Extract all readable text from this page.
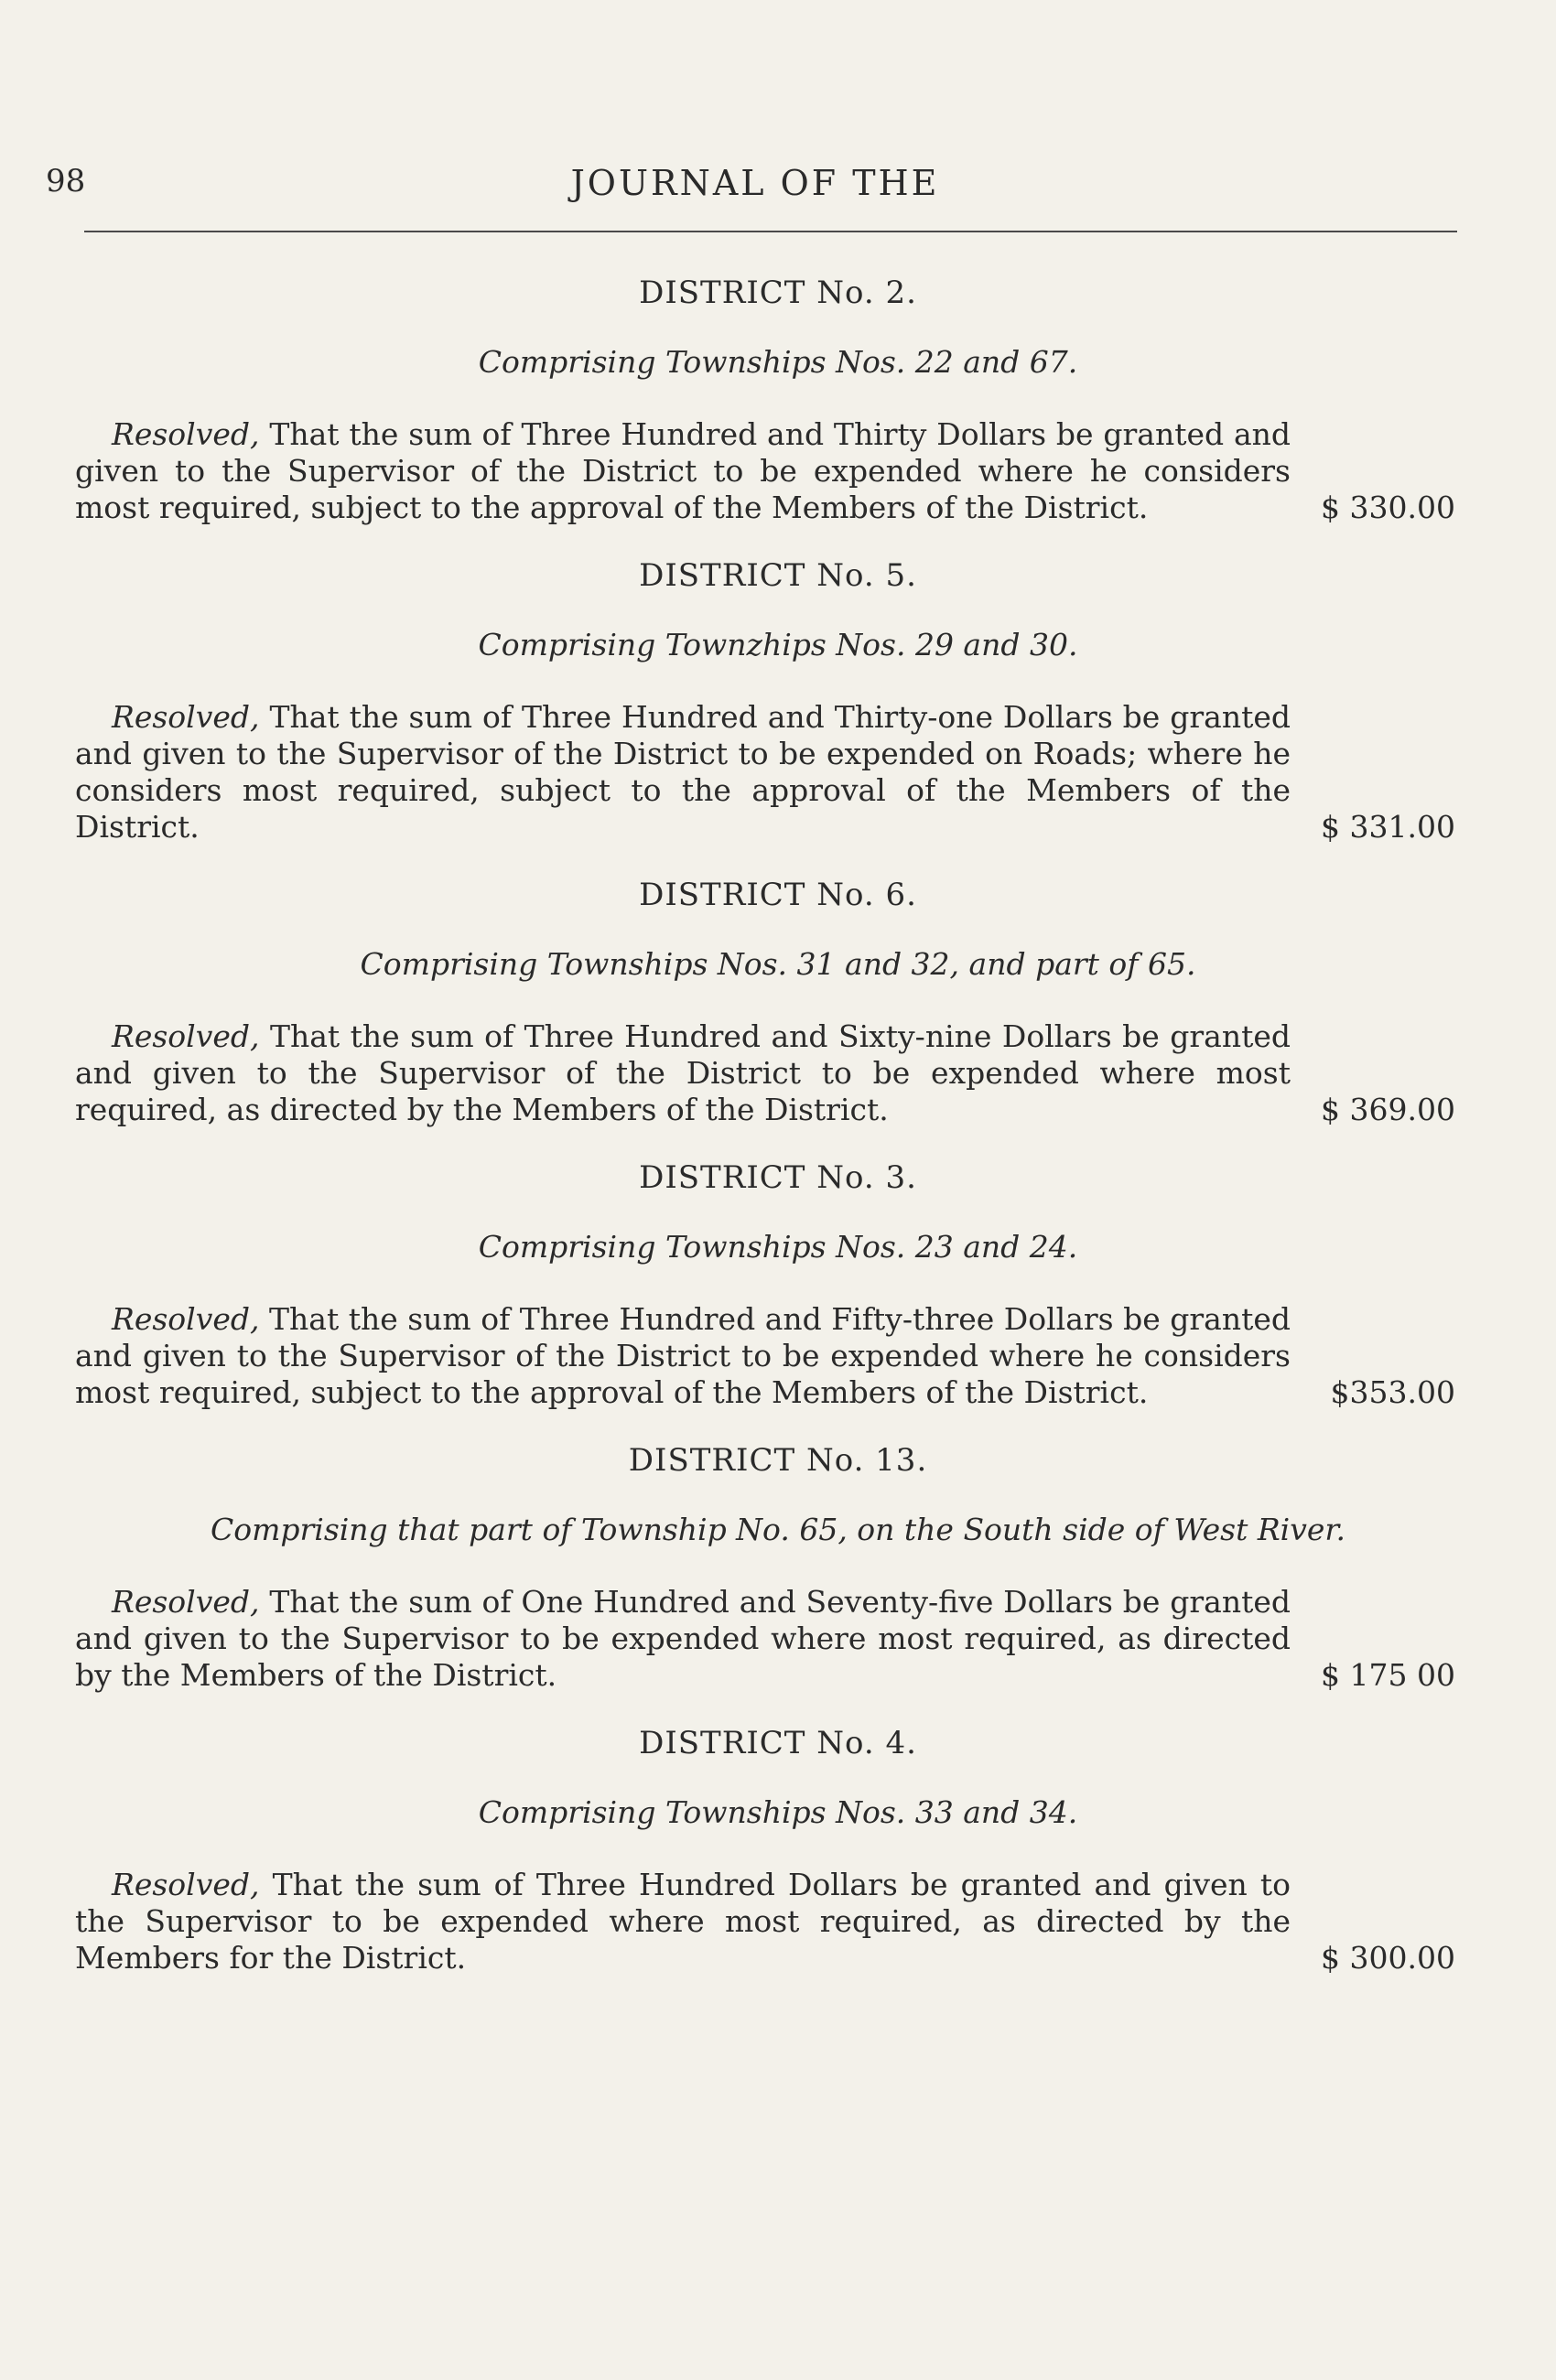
98	JOURNAL OF THE
DISTRICT No. 2.
Comprising Townships Nos. 22 and 67.

Resolved, That the sum of Three Hundred and Thirty Dollars be granted and given to the Supervisor of the District to be expended where he considers most required, subject to the approval of the Members of the District.	$ 330.00
DISTRICT No. 5.
Comprising Townzhips Nos. 29 and 30.

Resolved, That the sum of Three Hundred and Thirty-one Dollars be granted and given to the Supervisor of the District to be expended on Roads; where he considers most required, subject to the approval of the Members of the District.	$ 331.00
DISTRICT No. 6.
Comprising Townships Nos. 31 and 32, and part of 65.

Resolved, That the sum of Three Hundred and Sixty-nine Dollars be granted and given to the Supervisor of the District to be expended where most required, as directed by the Members of the District.	$ 369.00
DISTRICT No. 3.
Comprising Townships Nos. 23 and 24.

Resolved, That the sum of Three Hundred and Fifty-three Dollars be granted and given to the Supervisor of the District to be expended where he considers most required, subject to the approval of the Members of the District.	$353.00
DISTRICT No. 13.
Comprising that part of Township No. 65, on the South side of West River.

Resolved, That the sum of One Hundred and Seventy-five Dollars be granted and given to the Supervisor to be expended where most required, as directed by the Members of the District.	$ 175 00
DISTRICT No. 4.
Comprising Townships Nos. 33 and 34.

Resolved, That the sum of Three Hundred Dollars be granted and given to the Supervisor to be expended where most required, as directed by the Members for the District.	$ 300.00
